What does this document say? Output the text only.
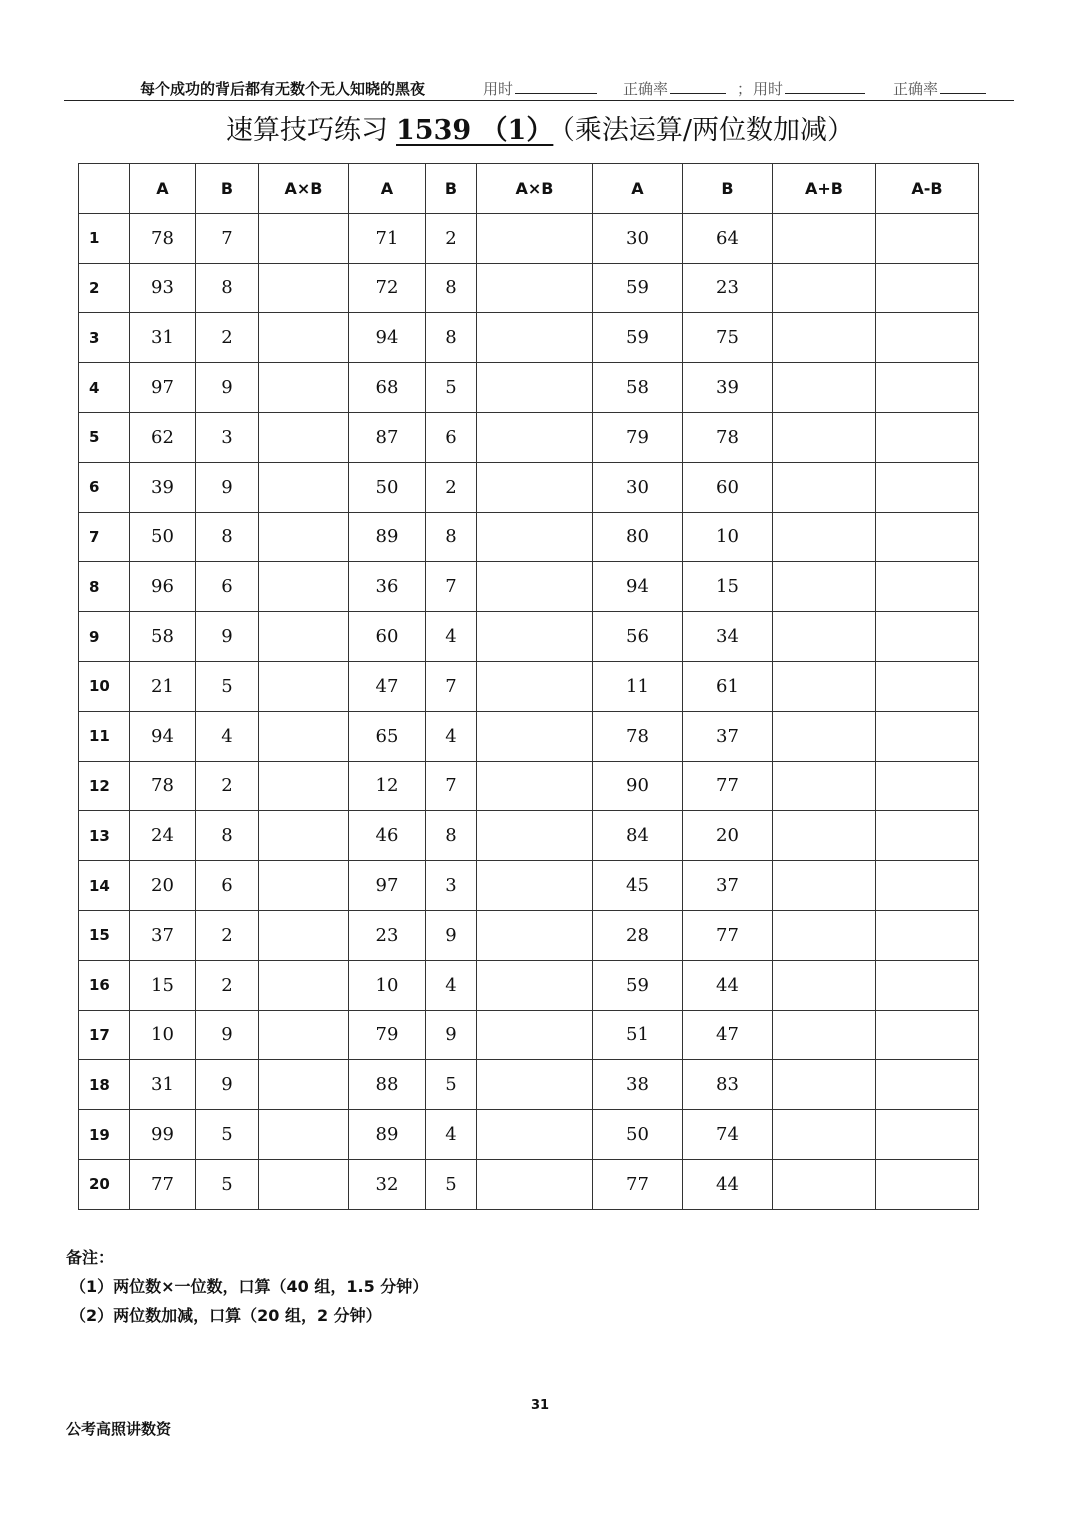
每个成功的背后都有无数个无人知晓的黑夜	用时	正确率	； 用时	正确率
速算技巧练习 1539 （1） （乘法运算/两位数加减）
	A	B	A×B	A	B	A×B	A	B	A+B	A-B
1	78	7		71	2		30	64		
2	93	8		72	8		59	23		
3	31	2		94	8		59	75		
4	97	9		68	5		58	39		
5	62	3		87	6		79	78		
6	39	9		50	2		30	60		
7	50	8		89	8		80	10		
8	96	6		36	7		94	15		
9	58	9		60	4		56	34		
10	21	5		47	7		11	61		
11	94	4		65	4		78	37		
12	78	2		12	7		90	77		
13	24	8		46	8		84	20		
14	20	6		97	3		45	37		
15	37	2		23	9		28	77		
16	15	2		10	4		59	44		
17	10	9		79	9		51	47		
18	31	9		88	5		38	83		
19	99	5		89	4		50	74		
20	77	5		32	5		77	44		
备注：
（1）两位数×一位数，口算（40 组，1.5 分钟）
（2）两位数加减，口算（20 组，2 分钟）
31
公考高照讲数资
